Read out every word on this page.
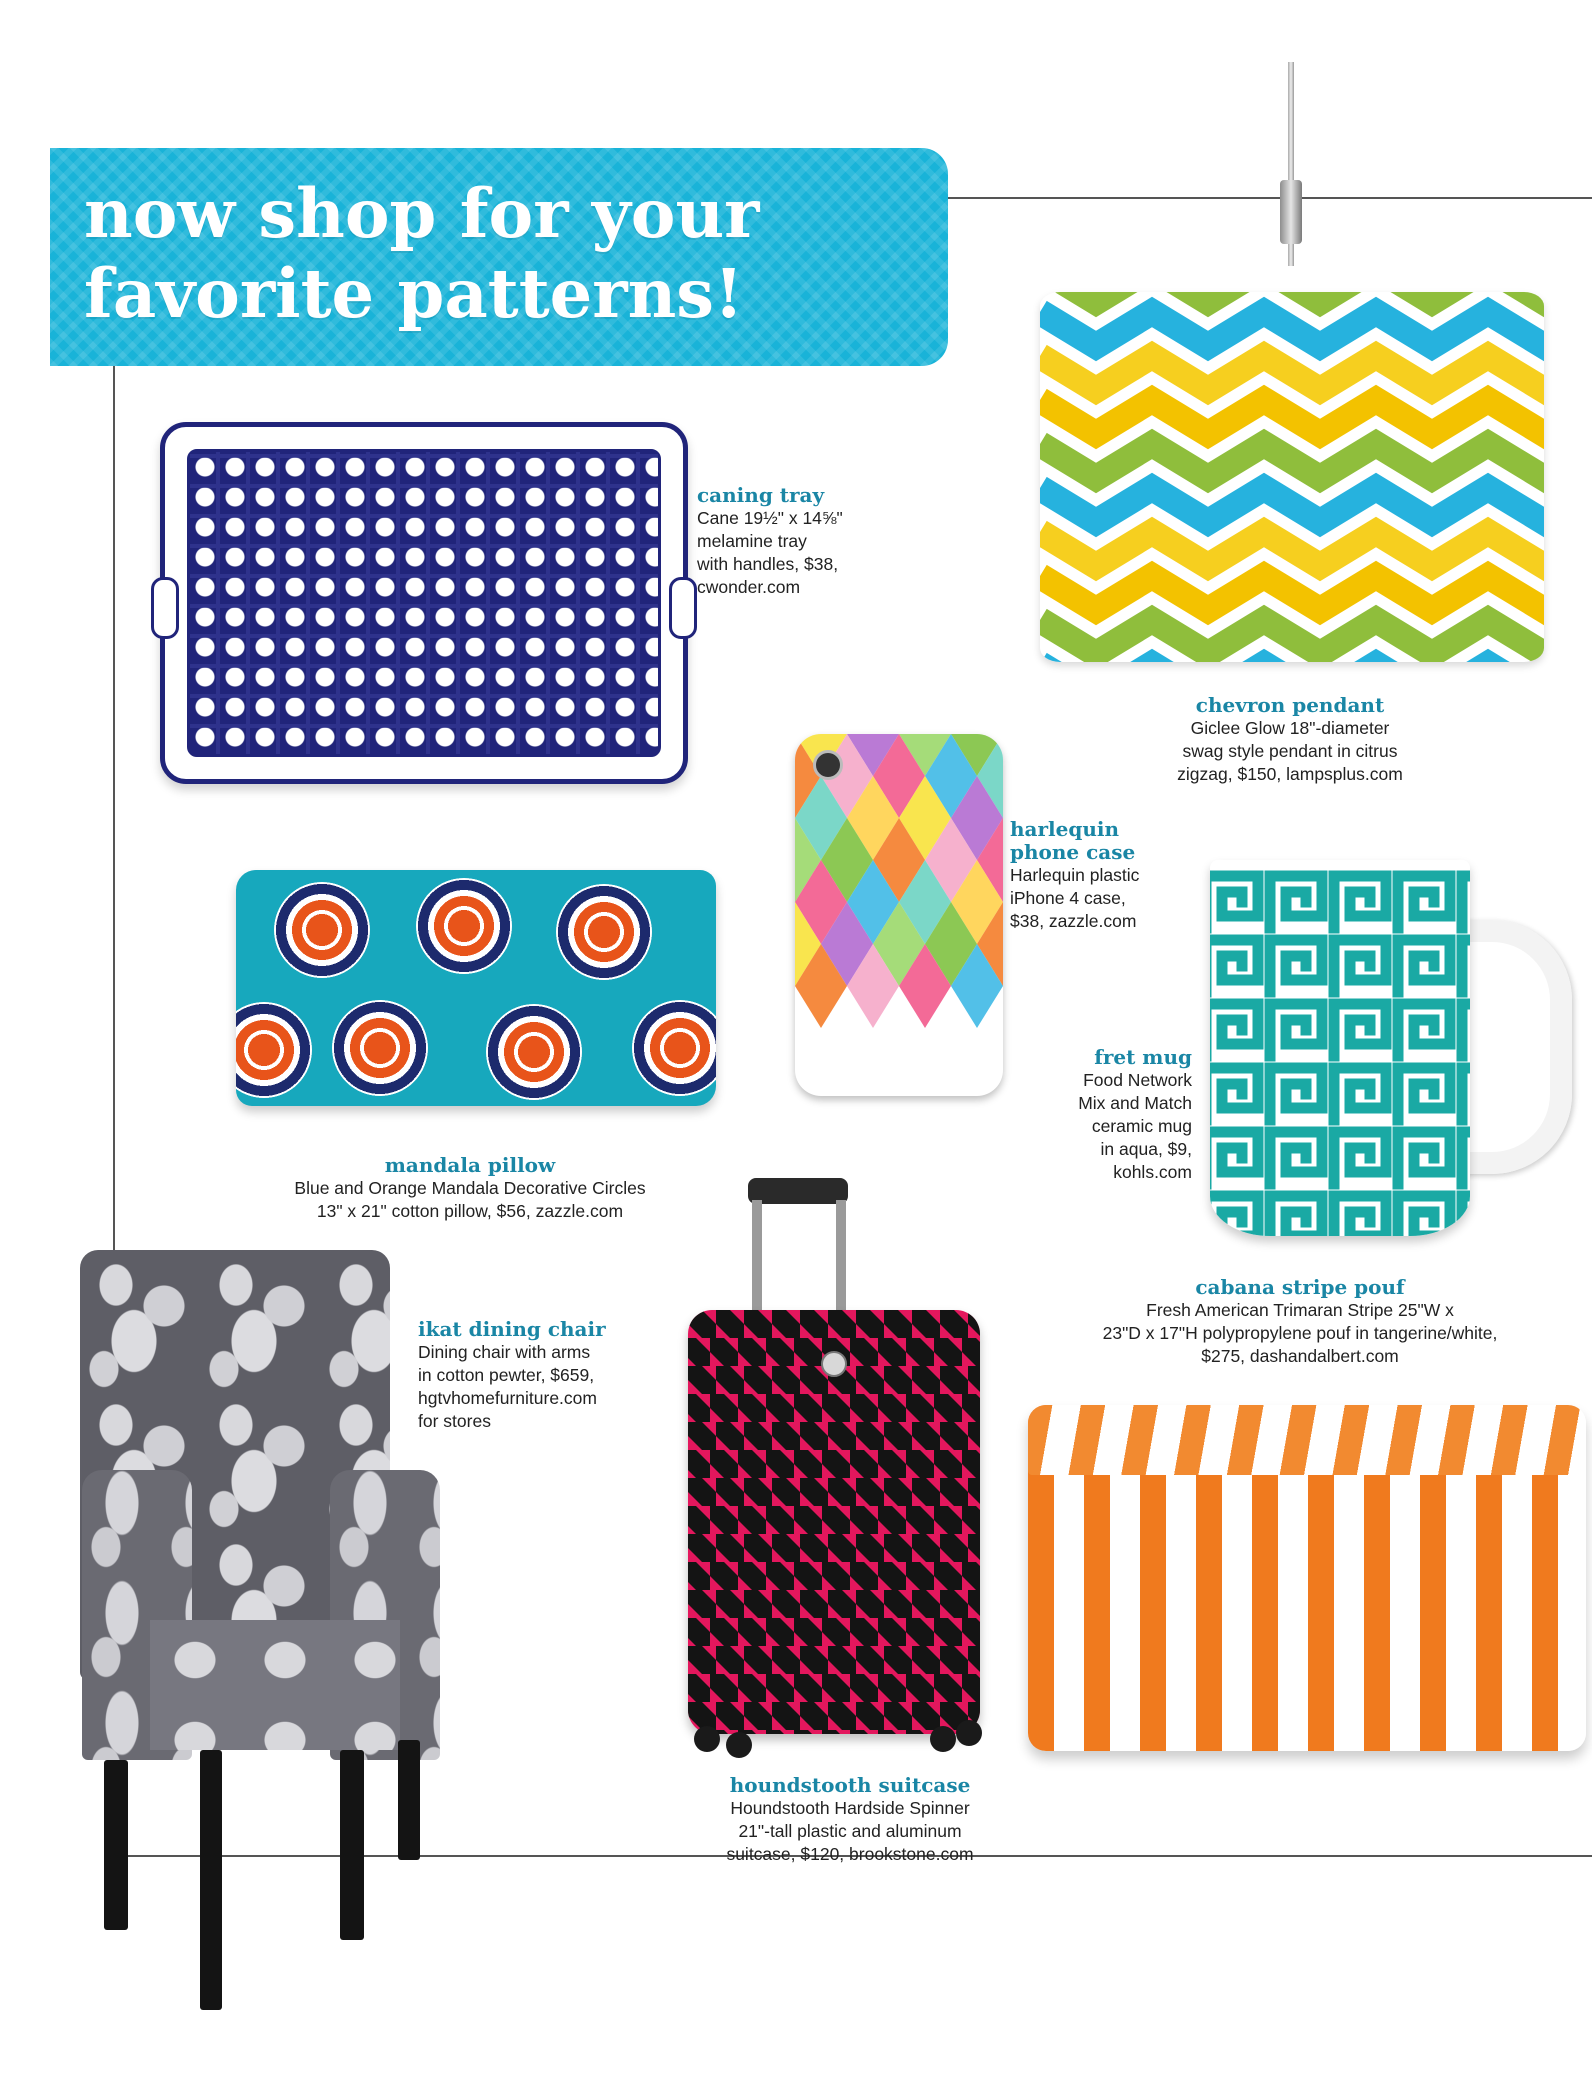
now shop for your
favorite patterns!
caning tray
Cane 19½" x 14⅝"
melamine tray
with handles, $38,
cwonder.com
chevron pendant
Giclee Glow 18"-diameter
swag style pendant in citrus
zigzag, $150, lampsplus.com
harlequin
phone case
Harlequin plastic
iPhone 4 case,
$38, zazzle.com
mandala pillow
Blue and Orange Mandala Decorative Circles
13" x 21" cotton pillow, $56, zazzle.com
fret mug
Food Network
Mix and Match
ceramic mug
in aqua, $9,
kohls.com
cabana stripe pouf
Fresh American Trimaran Stripe 25"W x
23"D x 17"H polypropylene pouf in tangerine/white,
$275, dashandalbert.com
ikat dining chair
Dining chair with arms
in cotton pewter, $659,
hgtvhomefurniture.com
for stores
houndstooth suitcase
Houndstooth Hardside Spinner
21"-tall plastic and aluminum
suitcase, $120, brookstone.com
